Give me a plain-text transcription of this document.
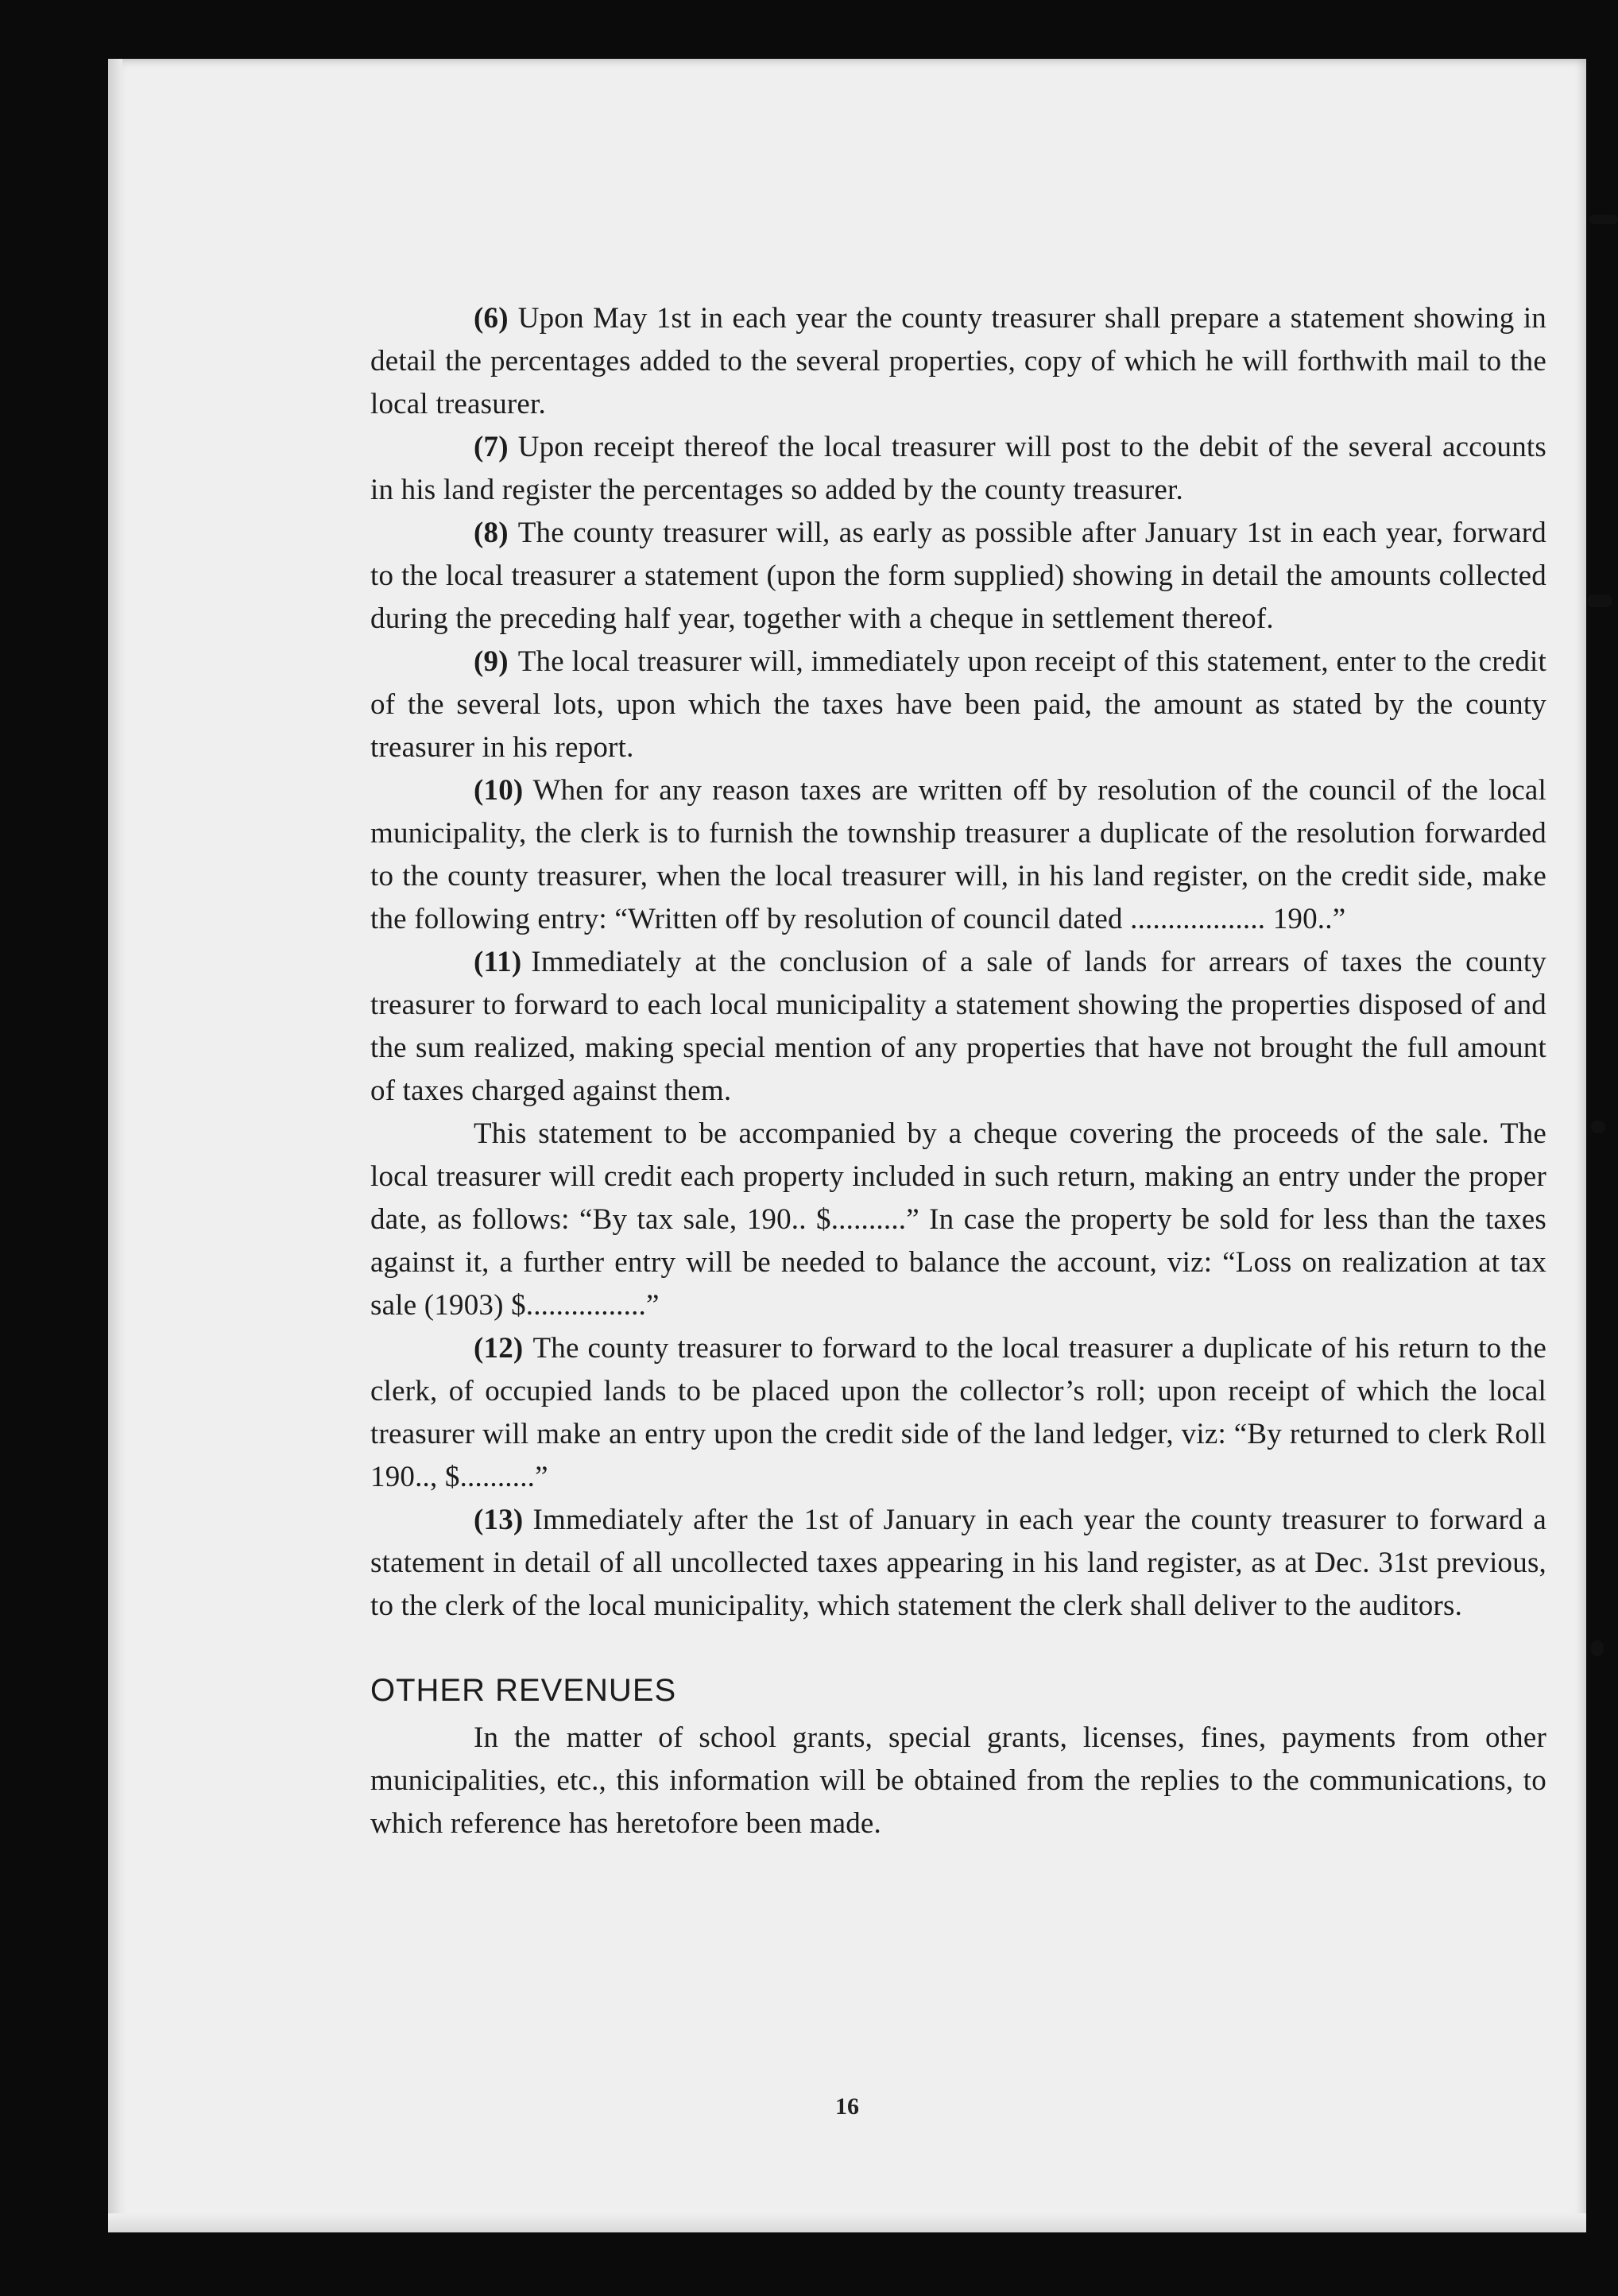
(6) Upon May 1st in each year the county treasurer shall prepare a statement showing in detail the percentages added to the several properties, copy of which he will forthwith mail to the local treasurer.

(7) Upon receipt thereof the local treasurer will post to the debit of the several accounts in his land register the percentages so added by the county treasurer.

(8) The county treasurer will, as early as possible after January 1st in each year, forward to the local treasurer a statement (upon the form supplied) showing in detail the amounts collected during the preceding half year, together with a cheque in settlement thereof.

(9) The local treasurer will, immediately upon receipt of this statement, enter to the credit of the several lots, upon which the taxes have been paid, the amount as stated by the county treasurer in his report.

(10) When for any reason taxes are written off by resolution of the council of the local municipality, the clerk is to furnish the township treasurer a duplicate of the resolution forwarded to the county treasurer, when the local treasurer will, in his land register, on the credit side, make the following entry: “Written off by resolution of council dated .................. 190..”

(11) Immediately at the conclusion of a sale of lands for arrears of taxes the county treasurer to forward to each local municipality a statement showing the properties disposed of and the sum realized, making special mention of any properties that have not brought the full amount of taxes charged against them.

This statement to be accompanied by a cheque covering the proceeds of the sale. The local treasurer will credit each property included in such return, making an entry under the proper date, as follows: “By tax sale, 190.. $..........” In case the property be sold for less than the taxes against it, a further entry will be needed to balance the account, viz: “Loss on realization at tax sale (1903) $................”

(12) The county treasurer to forward to the local treasurer a duplicate of his return to the clerk, of occupied lands to be placed upon the collector’s roll; upon receipt of which the local treasurer will make an entry upon the credit side of the land ledger, viz: “By returned to clerk Roll 190.., $..........”

(13) Immediately after the 1st of January in each year the county treasurer to forward a statement in detail of all uncollected taxes appearing in his land register, as at Dec. 31st previous, to the clerk of the local municipality, which statement the clerk shall deliver to the auditors.

OTHER REVENUES

In the matter of school grants, special grants, licenses, fines, payments from other municipalities, etc., this information will be obtained from the replies to the communications, to which reference has heretofore been made.

16
